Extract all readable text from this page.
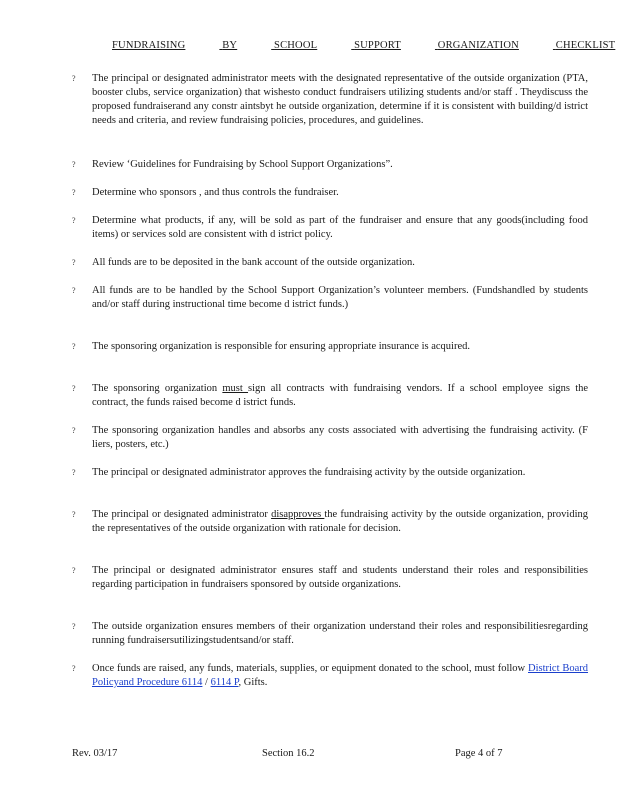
FUNDRAISING	BY	SCHOOL	SUPPORT	ORGANIZATION	CHECKLIST
?	The principal or designated administrator meets with the designated representative of the outside organization (PTA, booster clubs, service organization) that wishesto conduct fundraisers utilizing students and/or staff . Theydiscuss the proposed fundraiserand any constr aintsbyt he outside organization, determine if it is consistent with building/d istrict needs and criteria, and review fundraising policies, procedures, and guidelines.
?	Review ‘Guidelines for Fundraising by School Support Organizations”.
?	Determine who sponsors , and thus controls the fundraiser.
?	Determine what products, if any, will be sold as part of the fundraiser and ensure that any goods(including food items) or services sold are consistent with d istrict policy.
?	All funds are to be deposited in the bank account of the outside organization.
?	All funds are to be handled by the School Support Organization’s volunteer members. (Fundshandled by students and/or staff during instructional time become d istrict funds.)
?	The sponsoring organization is responsible for ensuring appropriate insurance is acquired.
?	The sponsoring organization must sign all contracts with fundraising vendors. If a school employee signs the contract, the funds raised become d istrict funds.
?	The sponsoring organization handles and absorbs any costs associated with advertising the fundraising activity. (F liers, posters, etc.)
?	The principal or designated administrator approves the fundraising activity by the outside organization.
?	The principal or designated administrator disapproves the fundraising activity by the outside organization, providing the representatives of the outside organization with rationale for decision.
?	The principal or designated administrator ensures staff and students understand their roles and responsibilities regarding participation in fundraisers sponsored by outside organizations.
?	The outside organization ensures members of their organization understand their roles and responsibilitiesregarding running fundraisersutilizingstudentsand/or staff.
?	Once funds are raised, any funds, materials, supplies, or equipment donated to the school, must follow District Board Policyand Procedure 6114 / 6114 P, Gifts.
Rev. 03/17	Section 16.2	Page 4 of 7
